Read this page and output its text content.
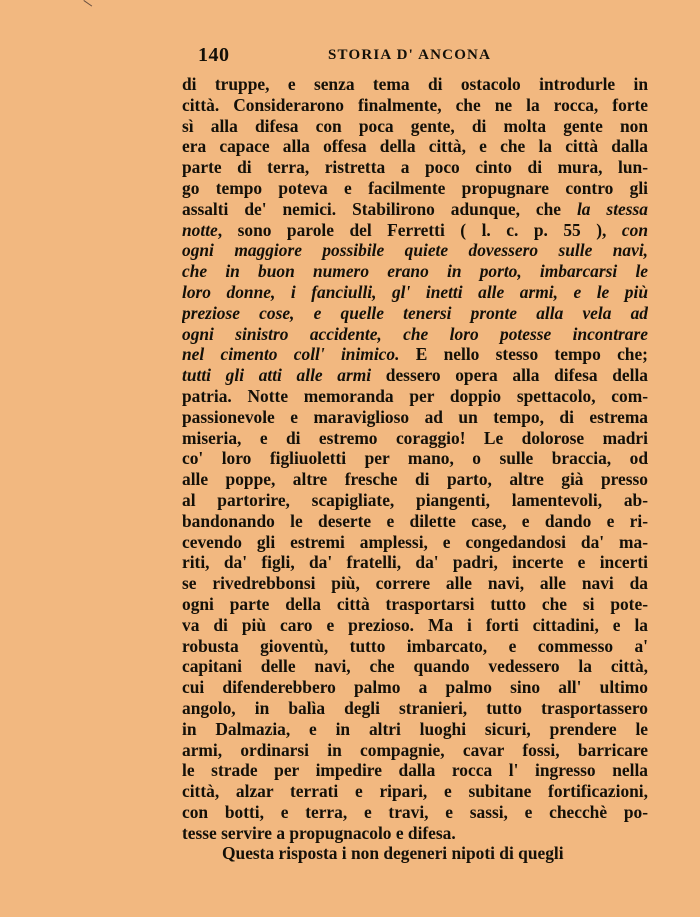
140	STORIA D' ANCONA
di truppe, e senza tema di ostacolo introdurle in
città. Considerarono finalmente, che ne la rocca, forte
sì alla difesa con poca gente, di molta gente non
era capace alla offesa della città, e che la città dalla
parte di terra, ristretta a poco cinto di mura, lun-
go tempo poteva e facilmente propugnare contro gli
assalti de' nemici. Stabilirono adunque, che la stessa
notte, sono parole del Ferretti ( l. c. p. 55 ), con
ogni maggiore possibile quiete dovessero sulle navi,
che in buon numero erano in porto, imbarcarsi le
loro donne, i fanciulli, gl' inetti alle armi, e le più
preziose cose, e quelle tenersi pronte alla vela ad
ogni sinistro accidente, che loro potesse incontrare
nel cimento coll' inimico. E nello stesso tempo che;
tutti gli atti alle armi dessero opera alla difesa della
patria. Notte memoranda per doppio spettacolo, com-
passionevole e maraviglioso ad un tempo, di estrema
miseria, e di estremo coraggio! Le dolorose madri
co' loro figliuoletti per mano, o sulle braccia, od
alle poppe, altre fresche di parto, altre già presso
al partorire, scapigliate, piangenti, lamentevoli, ab-
bandonando le deserte e dilette case, e dando e ri-
cevendo gli estremi amplessi, e congedandosi da' ma-
riti, da' figli, da' fratelli, da' padri, incerte e incerti
se rivedrebbonsi più, correre alle navi, alle navi da
ogni parte della città trasportarsi tutto che si pote-
va di più caro e prezioso. Ma i forti cittadini, e la
robusta gioventù, tutto imbarcato, e commesso a'
capitani delle navi, che quando vedessero la città,
cui difenderebbero palmo a palmo sino all' ultimo
angolo, in balìa degli stranieri, tutto trasportassero
in Dalmazia, e in altri luoghi sicuri, prendere le
armi, ordinarsi in compagnie, cavar fossi, barricare
le strade per impedire dalla rocca l' ingresso nella
città, alzar terrati e ripari, e subitane fortificazioni,
con botti, e terra, e travi, e sassi, e checchè po-
tesse servire a propugnacolo e difesa.
Questa risposta i non degeneri nipoti di quegli
